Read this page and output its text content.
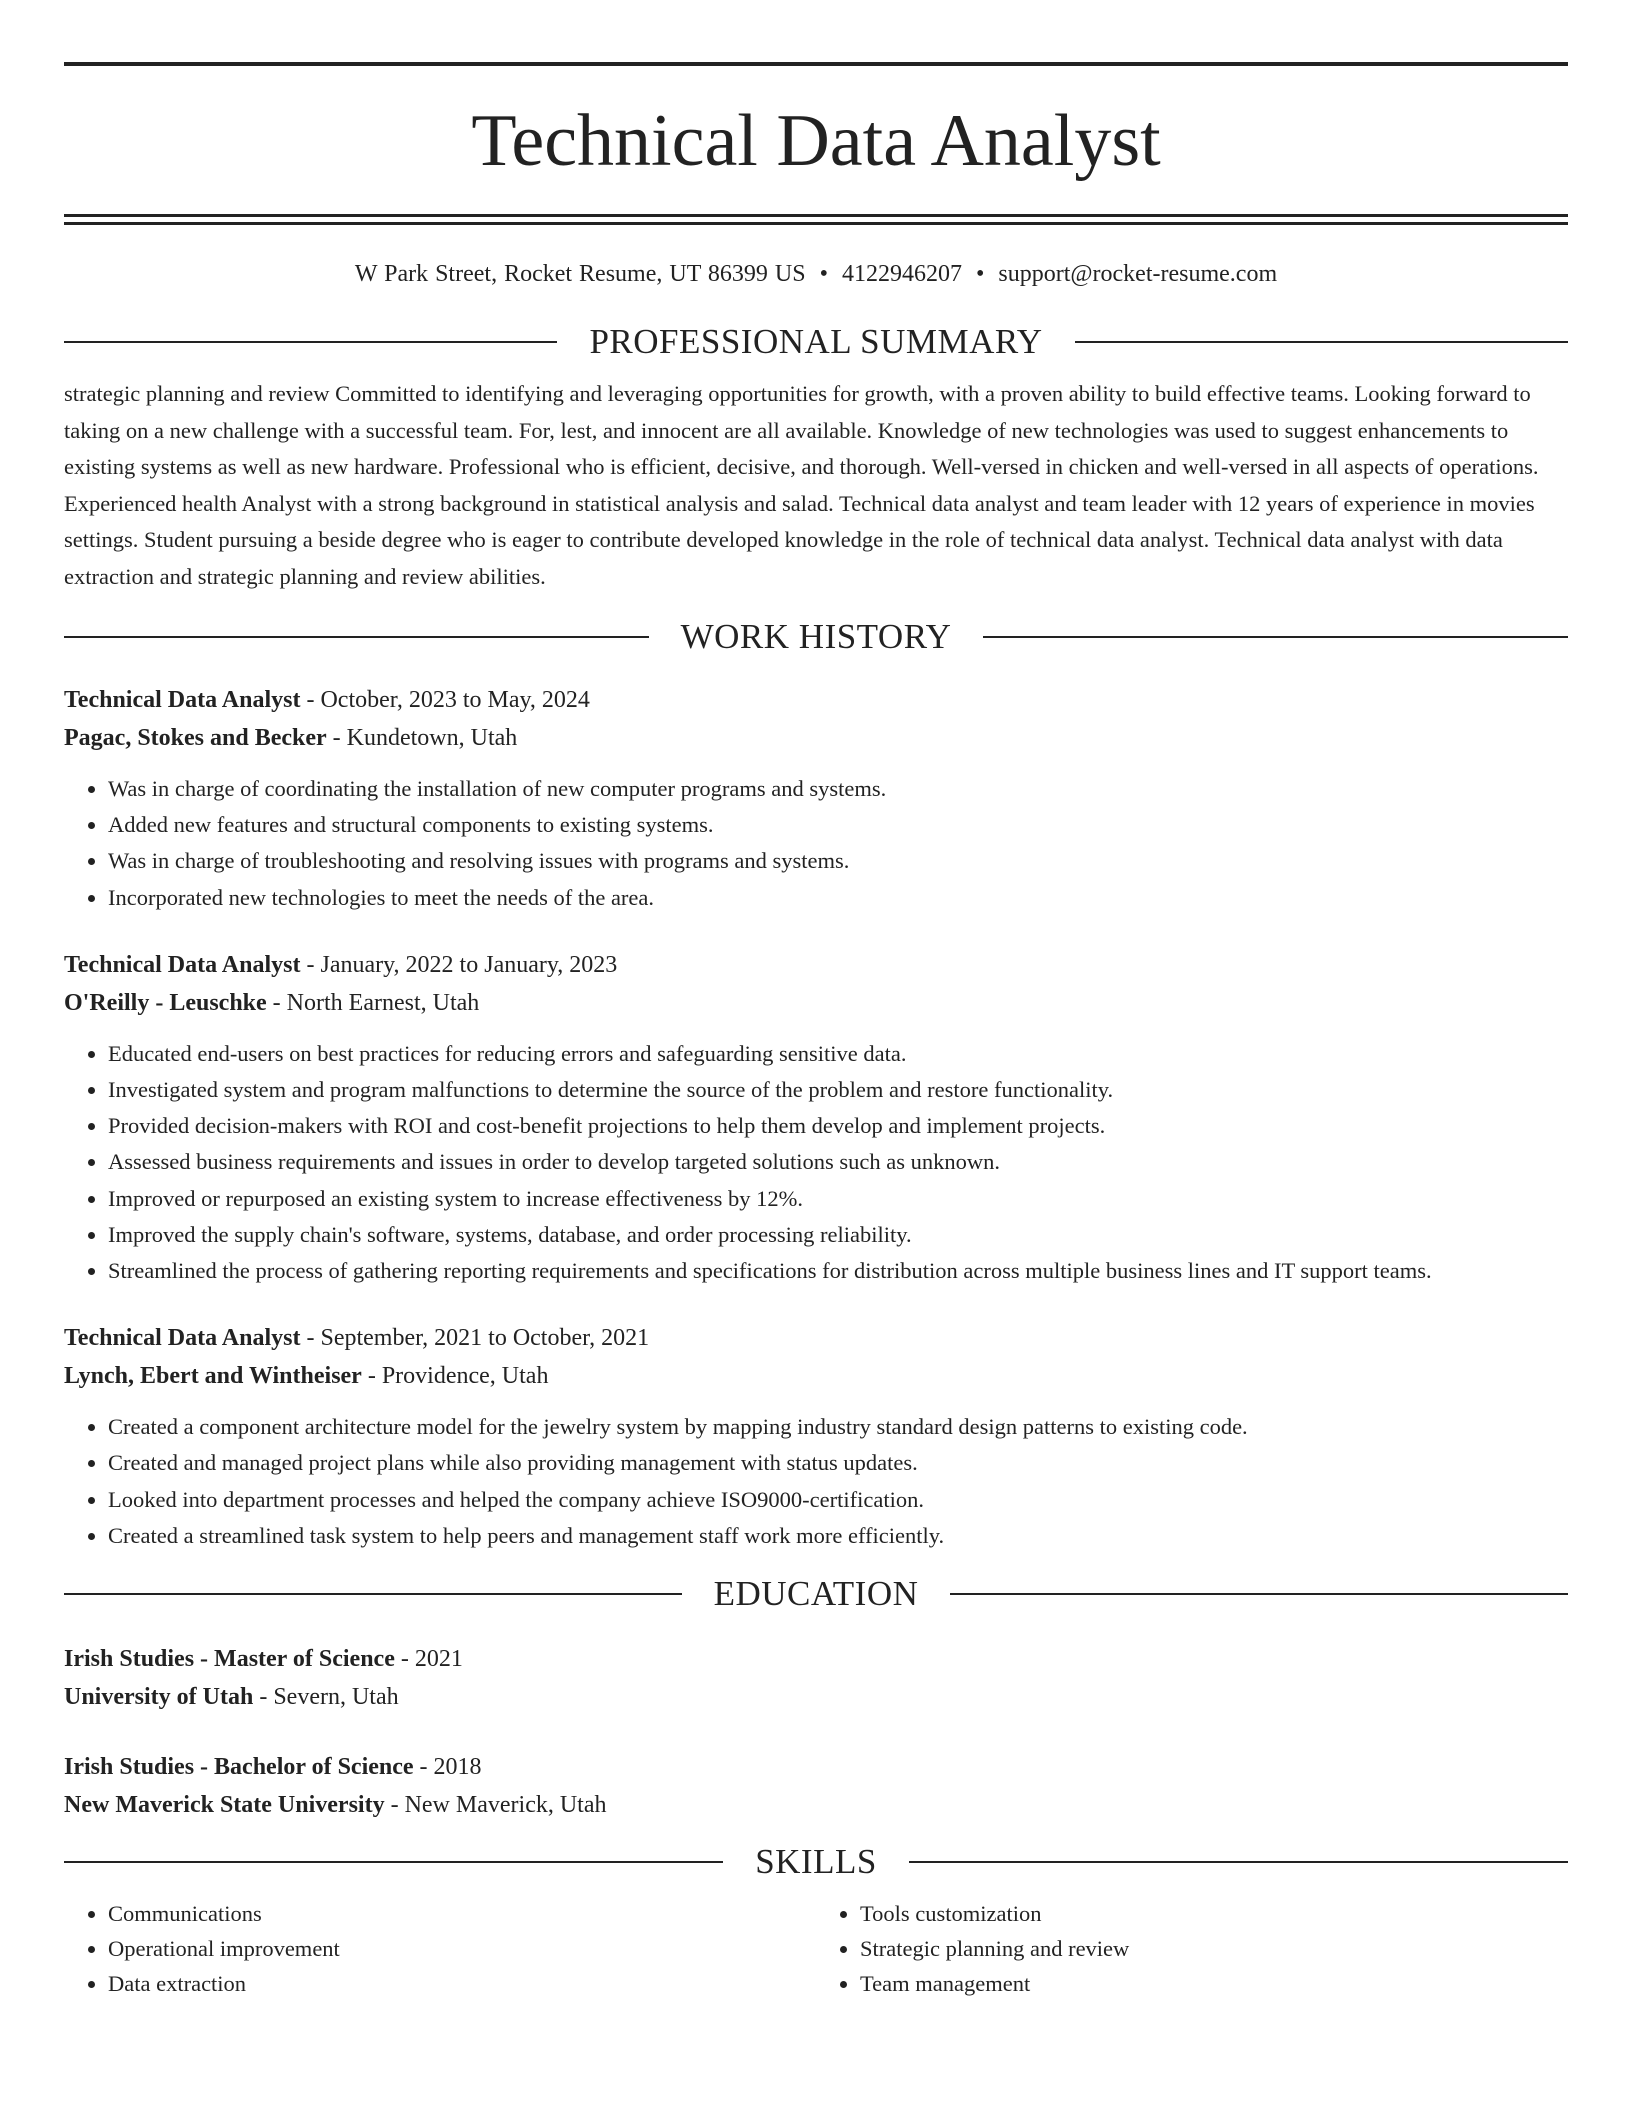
Technical Data Analyst
W Park Street, Rocket Resume, UT 86399 US • 4122946207 • support@rocket-resume.com
PROFESSIONAL SUMMARY

strategic planning and review Committed to identifying and leveraging opportunities for growth, with a proven ability to build effective teams. Looking forward to taking on a new challenge with a successful team. For, lest, and innocent are all available. Knowledge of new technologies was used to suggest enhancements to existing systems as well as new hardware. Professional who is efficient, decisive, and thorough. Well-versed in chicken and well-versed in all aspects of operations. Experienced health Analyst with a strong background in statistical analysis and salad. Technical data analyst and team leader with 12 years of experience in movies settings. Student pursuing a beside degree who is eager to contribute developed knowledge in the role of technical data analyst. Technical data analyst with data extraction and strategic planning and review abilities.

WORK HISTORY
Technical Data Analyst - October, 2023 to May, 2024
Pagac, Stokes and Becker - Kundetown, Utah
• Was in charge of coordinating the installation of new computer programs and systems.
• Added new features and structural components to existing systems.
• Was in charge of troubleshooting and resolving issues with programs and systems.
• Incorporated new technologies to meet the needs of the area.
Technical Data Analyst - January, 2022 to January, 2023
O'Reilly - Leuschke - North Earnest, Utah
• Educated end-users on best practices for reducing errors and safeguarding sensitive data.
• Investigated system and program malfunctions to determine the source of the problem and restore functionality.
• Provided decision-makers with ROI and cost-benefit projections to help them develop and implement projects.
• Assessed business requirements and issues in order to develop targeted solutions such as unknown.
• Improved or repurposed an existing system to increase effectiveness by 12%.
• Improved the supply chain's software, systems, database, and order processing reliability.
• Streamlined the process of gathering reporting requirements and specifications for distribution across multiple business lines and IT support teams.
Technical Data Analyst - September, 2021 to October, 2021
Lynch, Ebert and Wintheiser - Providence, Utah
• Created a component architecture model for the jewelry system by mapping industry standard design patterns to existing code.
• Created and managed project plans while also providing management with status updates.
• Looked into department processes and helped the company achieve ISO9000-certification.
• Created a streamlined task system to help peers and management staff work more efficiently.
EDUCATION
Irish Studies - Master of Science - 2021
University of Utah - Severn, Utah
Irish Studies - Bachelor of Science - 2018
New Maverick State University - New Maverick, Utah
SKILLS
• Communications
• Operational improvement
• Data extraction
• Tools customization
• Strategic planning and review
• Team management
